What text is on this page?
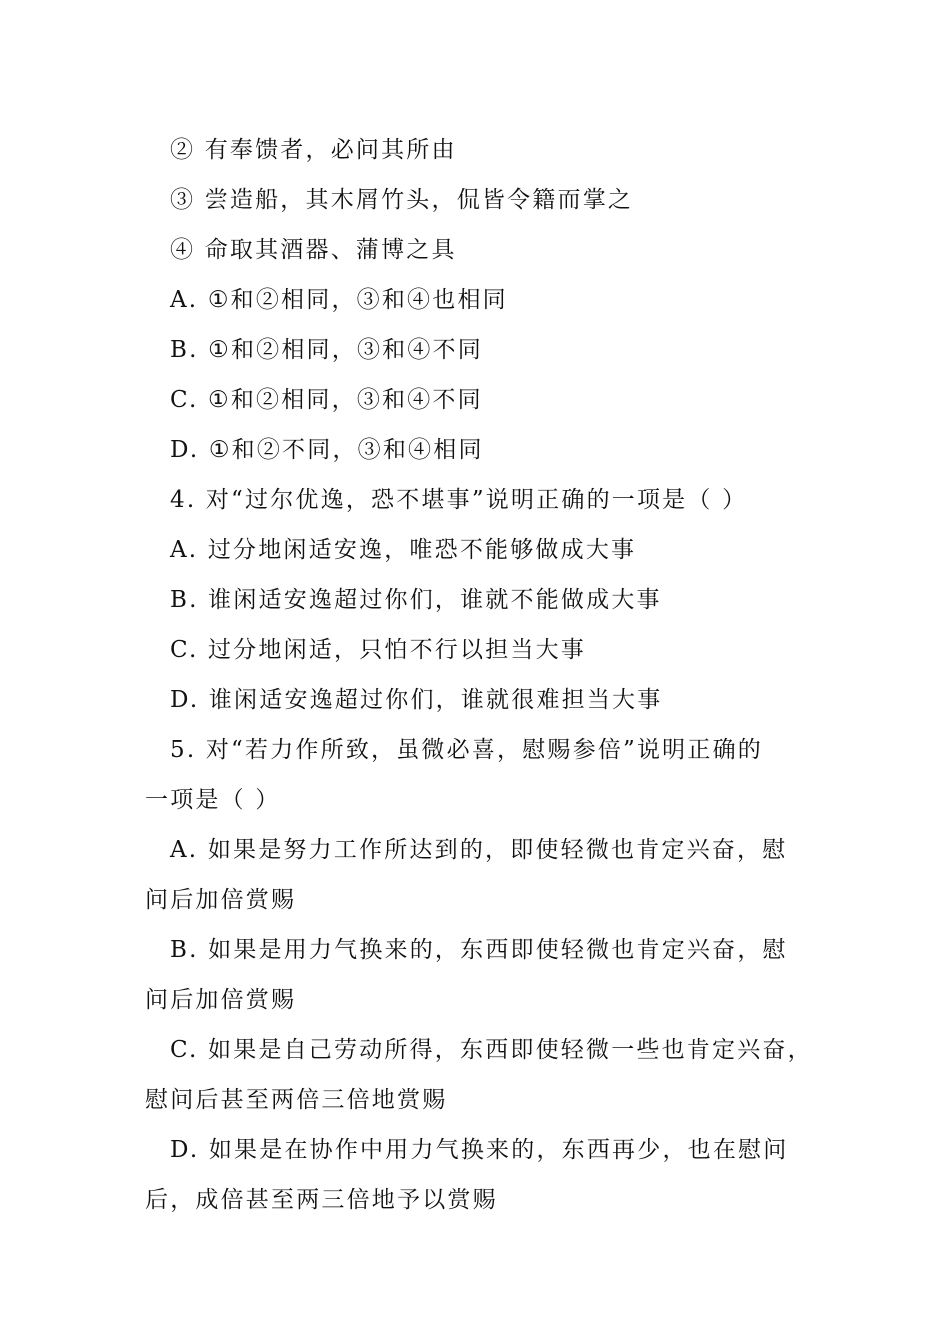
② 有奉馈者，必问其所由
③ 尝造船，其木屑竹头，侃皆令籍而掌之
④ 命取其酒器、蒲博之具
A. ①和②相同，③和④也相同
B. ①和②相同，③和④不同
C. ①和②相同，③和④不同
D. ①和②不同，③和④相同
4. 对“过尔优逸，恐不堪事”说明正确的一项是（ ）
A. 过分地闲适安逸，唯恐不能够做成大事
B. 谁闲适安逸超过你们，谁就不能做成大事
C. 过分地闲适，只怕不行以担当大事
D. 谁闲适安逸超过你们，谁就很难担当大事
5. 对“若力作所致，虽微必喜，慰赐参倍”说明正确的
一项是（ ）
A. 如果是努力工作所达到的，即使轻微也肯定兴奋，慰
问后加倍赏赐
B. 如果是用力气换来的，东西即使轻微也肯定兴奋，慰
问后加倍赏赐
C. 如果是自己劳动所得，东西即使轻微一些也肯定兴奋，
慰问后甚至两倍三倍地赏赐
D. 如果是在协作中用力气换来的，东西再少，也在慰问
后，成倍甚至两三倍地予以赏赐
